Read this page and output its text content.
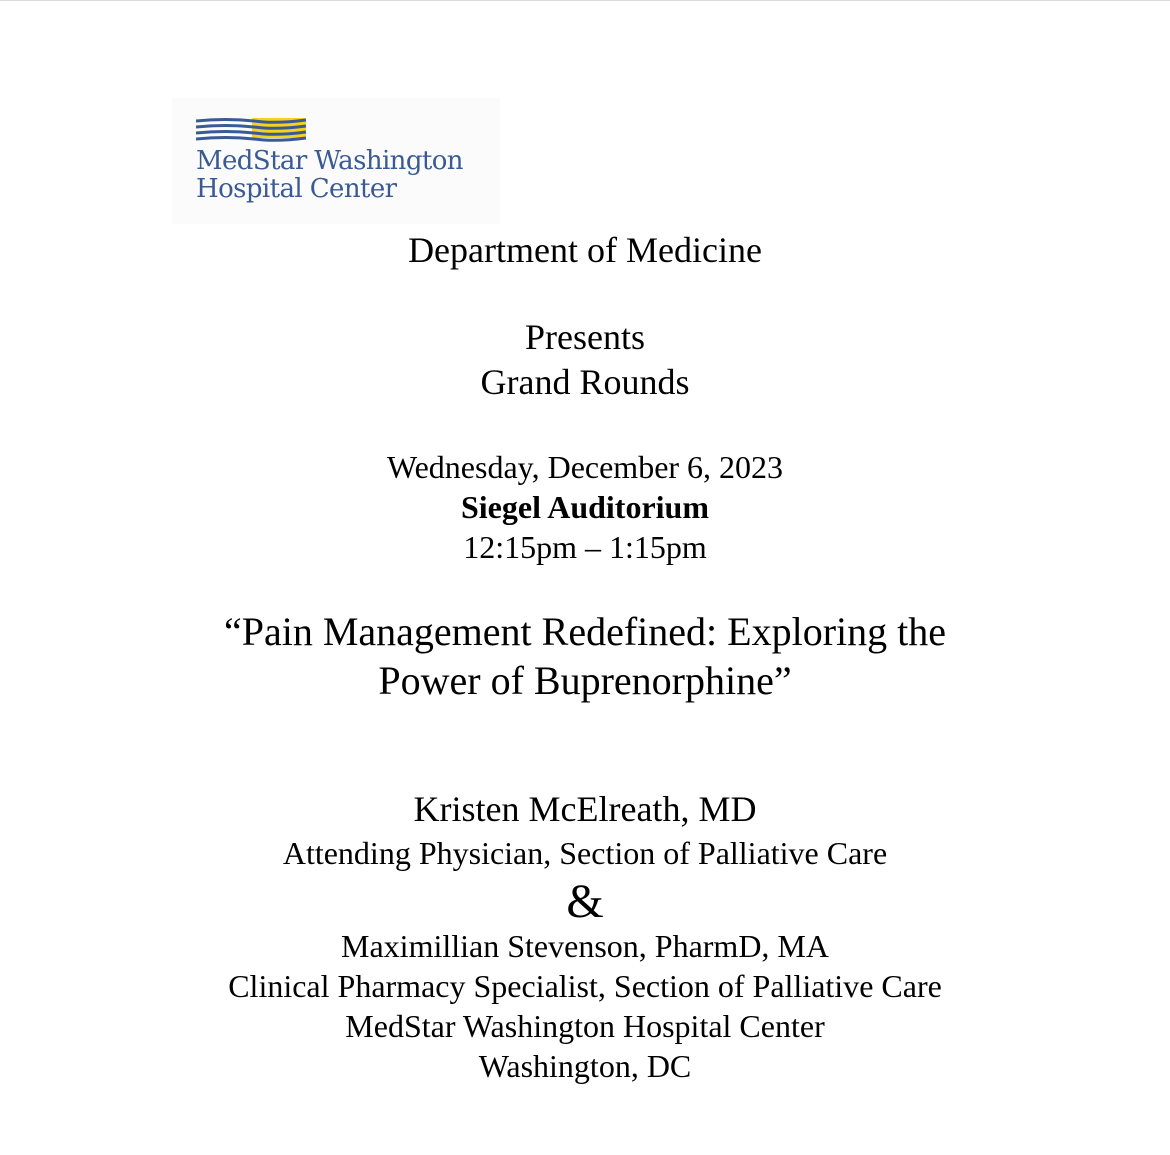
MedStar Washington
Hospital Center
Department of Medicine
Presents
Grand Rounds
Wednesday, December 6, 2023
Siegel Auditorium
12:15pm – 1:15pm
“Pain Management Redefined: Exploring the
Power of Buprenorphine”
Kristen McElreath, MD
Attending Physician, Section of Palliative Care
&
Maximillian Stevenson, PharmD, MA
Clinical Pharmacy Specialist, Section of Palliative Care
MedStar Washington Hospital Center
Washington, DC
